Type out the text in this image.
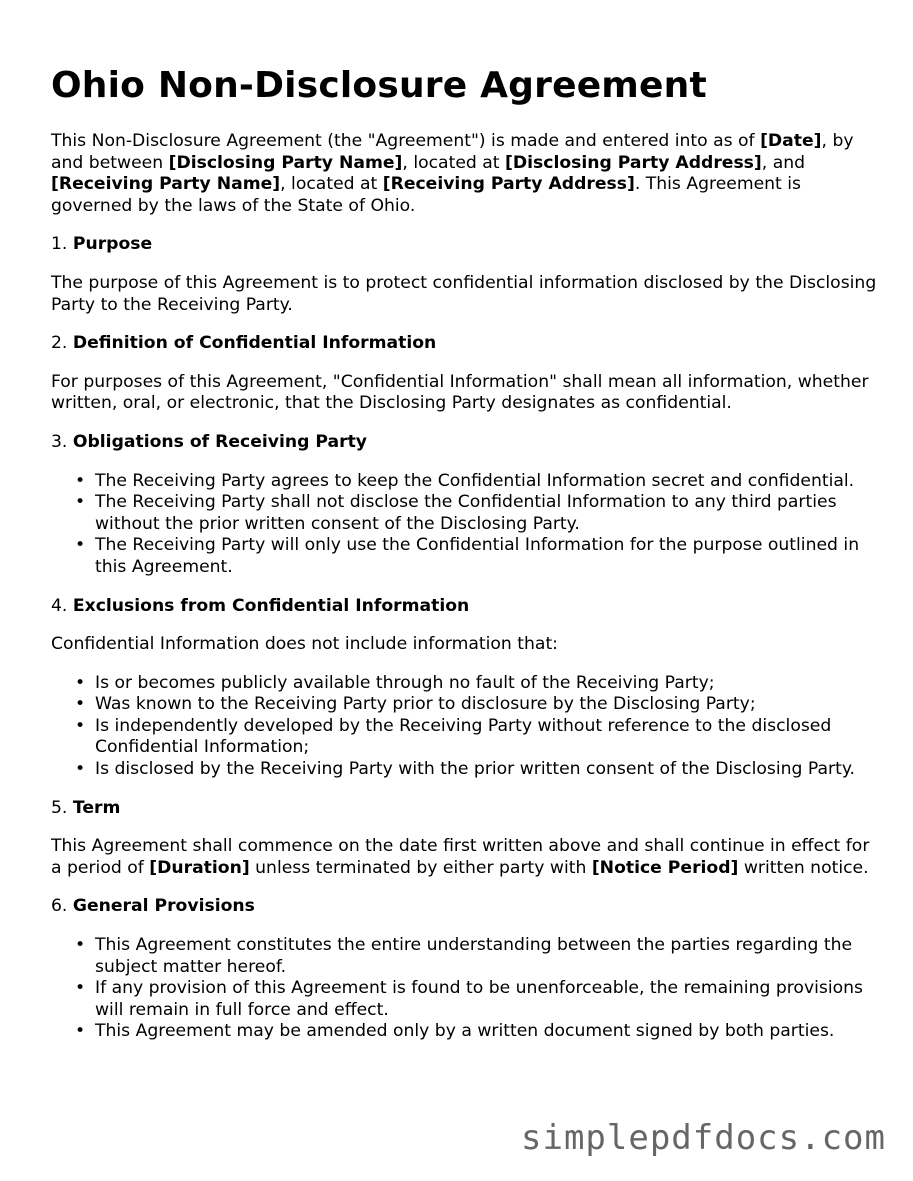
Ohio Non-Disclosure Agreement

This Non-Disclosure Agreement (the "Agreement") is made and entered into as of [Date], by and between [Disclosing Party Name], located at [Disclosing Party Address], and [Receiving Party Name], located at [Receiving Party Address]. This Agreement is governed by the laws of the State of Ohio.

1. Purpose

The purpose of this Agreement is to protect confidential information disclosed by the Disclosing Party to the Receiving Party.

2. Definition of Confidential Information

For purposes of this Agreement, "Confidential Information" shall mean all information, whether written, oral, or electronic, that the Disclosing Party designates as confidential.

3. Obligations of Receiving Party

• The Receiving Party agrees to keep the Confidential Information secret and confidential.
• The Receiving Party shall not disclose the Confidential Information to any third parties without the prior written consent of the Disclosing Party.
• The Receiving Party will only use the Confidential Information for the purpose outlined in this Agreement.

4. Exclusions from Confidential Information

Confidential Information does not include information that:

• Is or becomes publicly available through no fault of the Receiving Party;
• Was known to the Receiving Party prior to disclosure by the Disclosing Party;
• Is independently developed by the Receiving Party without reference to the disclosed Confidential Information;
• Is disclosed by the Receiving Party with the prior written consent of the Disclosing Party.

5. Term

This Agreement shall commence on the date first written above and shall continue in effect for a period of [Duration] unless terminated by either party with [Notice Period] written notice.

6. General Provisions

• This Agreement constitutes the entire understanding between the parties regarding the subject matter hereof.
• If any provision of this Agreement is found to be unenforceable, the remaining provisions will remain in full force and effect.
• This Agreement may be amended only by a written document signed by both parties.
simplepdfdocs.com
